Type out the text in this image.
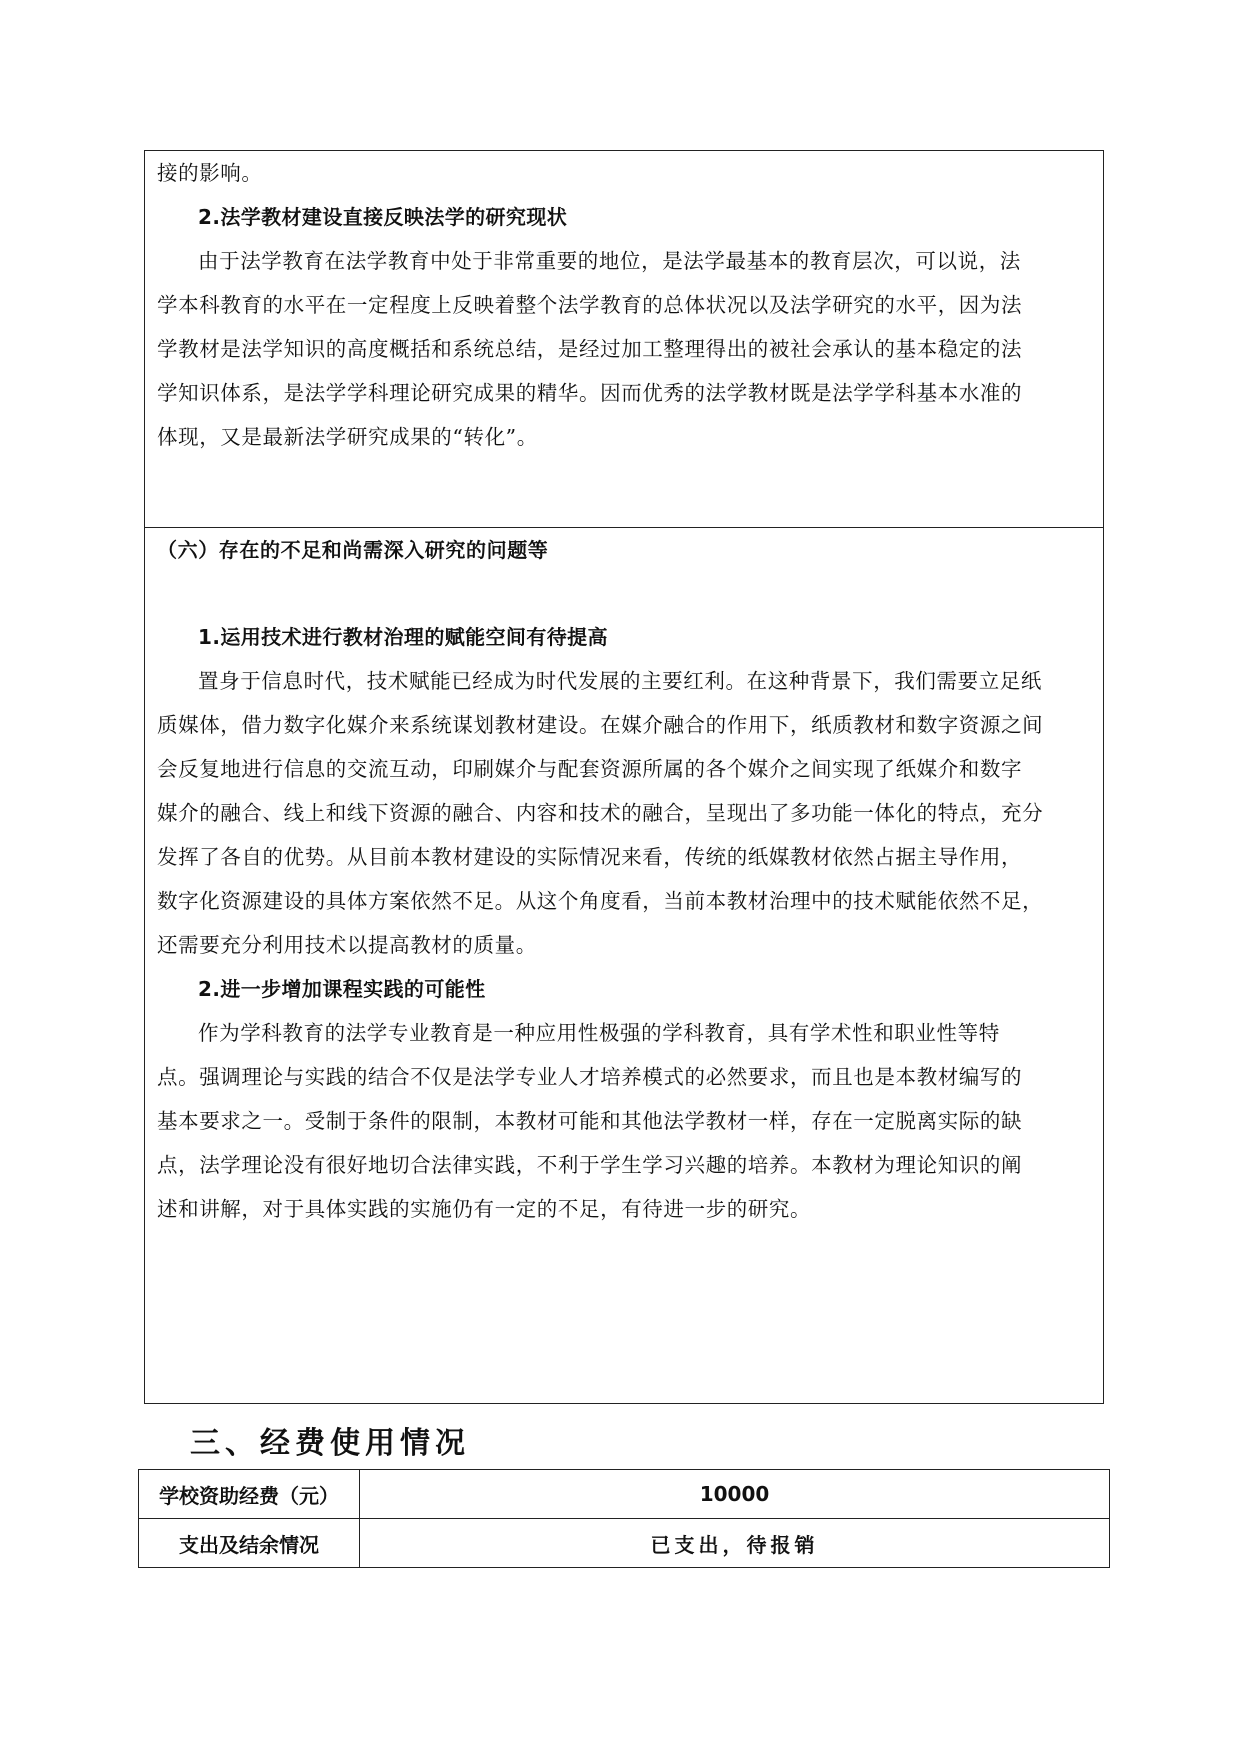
接的影响。
2.法学教材建设直接反映法学的研究现状
由于法学教育在法学教育中处于非常重要的地位，是法学最基本的教育层次，可以说，法
学本科教育的水平在一定程度上反映着整个法学教育的总体状况以及法学研究的水平，因为法
学教材是法学知识的高度概括和系统总结，是经过加工整理得出的被社会承认的基本稳定的法
学知识体系，是法学学科理论研究成果的精华。因而优秀的法学教材既是法学学科基本水准的
体现，又是最新法学研究成果的“转化”。
（六）存在的不足和尚需深入研究的问题等
1.运用技术进行教材治理的赋能空间有待提高
置身于信息时代，技术赋能已经成为时代发展的主要红利。在这种背景下，我们需要立足纸
质媒体，借力数字化媒介来系统谋划教材建设。在媒介融合的作用下，纸质教材和数字资源之间
会反复地进行信息的交流互动，印刷媒介与配套资源所属的各个媒介之间实现了纸媒介和数字
媒介的融合、线上和线下资源的融合、内容和技术的融合，呈现出了多功能一体化的特点，充分
发挥了各自的优势。从目前本教材建设的实际情况来看，传统的纸媒教材依然占据主导作用，
数字化资源建设的具体方案依然不足。从这个角度看，当前本教材治理中的技术赋能依然不足，
还需要充分利用技术以提高教材的质量。
2.进一步增加课程实践的可能性
作为学科教育的法学专业教育是一种应用性极强的学科教育，具有学术性和职业性等特
点。强调理论与实践的结合不仅是法学专业人才培养模式的必然要求，而且也是本教材编写的
基本要求之一。受制于条件的限制，本教材可能和其他法学教材一样，存在一定脱离实际的缺
点，法学理论没有很好地切合法律实践，不利于学生学习兴趣的培养。本教材为理论知识的阐
述和讲解，对于具体实践的实施仍有一定的不足，有待进一步的研究。
三、经费使用情况
学校资助经费（元）	10000
支出及结余情况	已支出，待报销
